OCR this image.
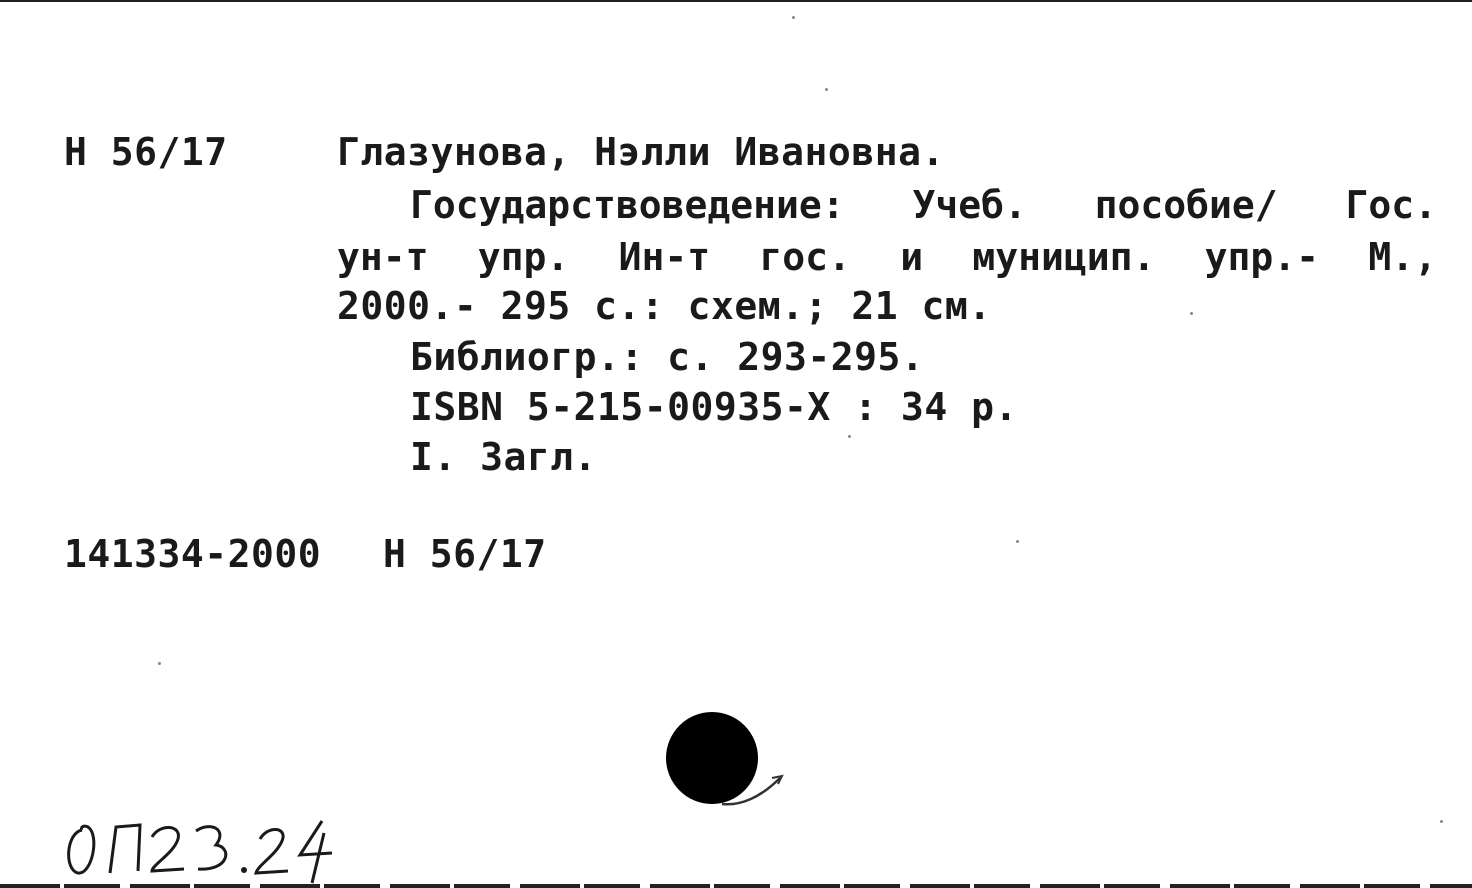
Н 56/17	Глазунова, Нэлли Ивановна.
Государствоведение: Учеб. пособие/ Гос.
ун-т упр. Ин-т гос. и муницип. упр.- М.,
2000.- 295 с.: схем.; 21 см.
Библиогр.: с. 293-295.
ISBN 5-215-00935-X : 34 р.
I. Загл.
141334-2000 Н 56/17
